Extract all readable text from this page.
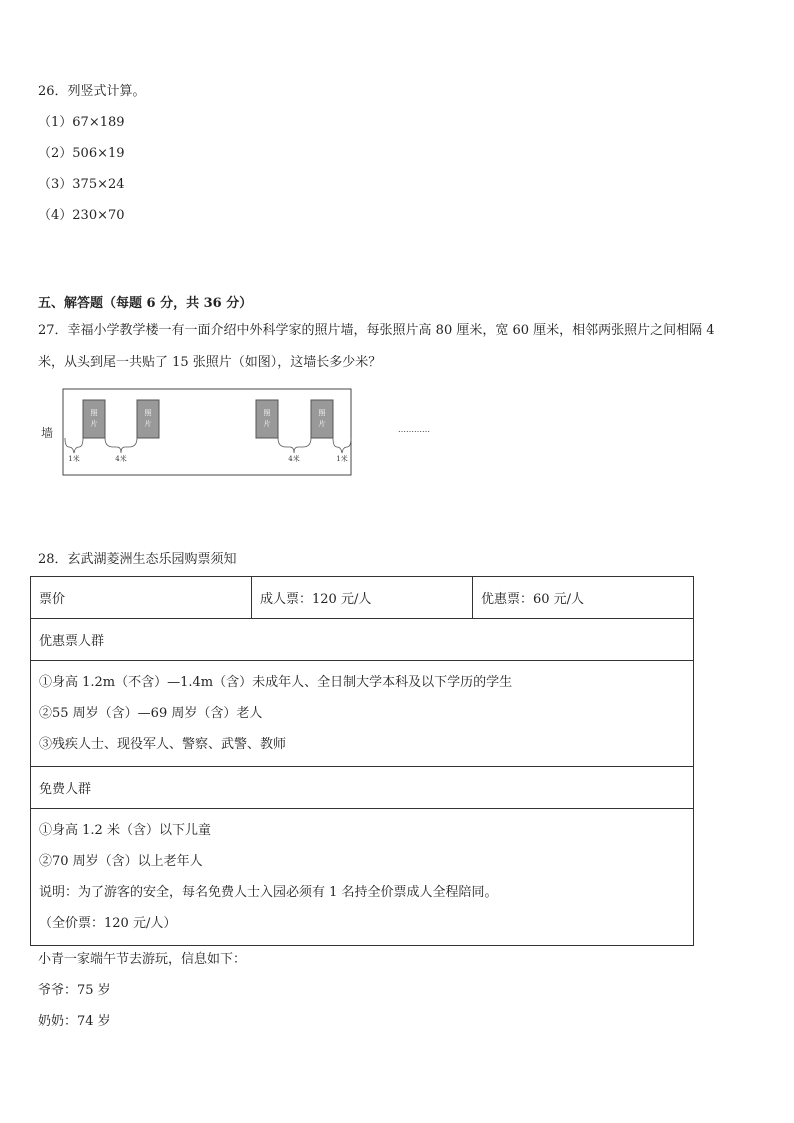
26．列竖式计算。
（1）67×189
（2）506×19
（3）375×24
（4）230×70
五、解答题（每题 6 分，共 36 分）
27．幸福小学教学楼一有一面介绍中外科学家的照片墙，每张照片高 80 厘米，宽 60 厘米，相邻两张照片之间相隔 4
米，从头到尾一共贴了 15 张照片（如图），这墙长多少米？
墙
照
片
照
片
照
片
照
片
1米	4米	4米	1米
…………
28．玄武湖菱洲生态乐园购票须知
票价	成人票：120 元/人	优惠票：60 元/人
优惠票人群

①身高 1.2m（不含）—1.4m（含）未成年人、全日制大学本科及以下学历的学生
②55 周岁（含）—69 周岁（含）老人
③残疾人士、现役军人、警察、武警、教师

免费人群

①身高 1.2 米（含）以下儿童
②70 周岁（含）以上老年人
说明：为了游客的安全，每名免费人士入园必须有 1 名持全价票成人全程陪同。
（全价票：120 元/人）
小青一家端午节去游玩，信息如下：
爷爷：75 岁
奶奶：74 岁
